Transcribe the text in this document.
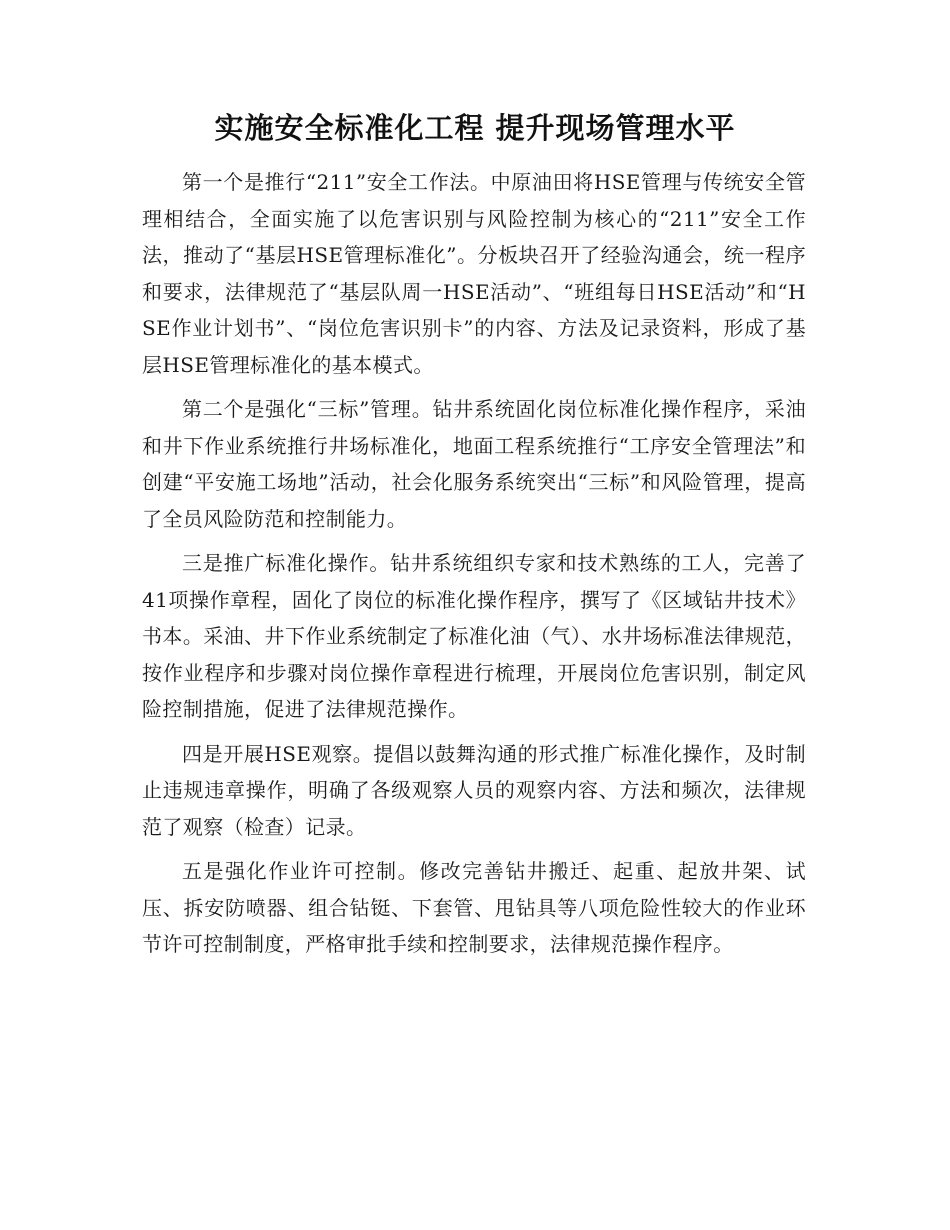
实施安全标准化工程 提升现场管理水平

第一个是推行“211”安全工作法。中原油田将HSE管理与传统安全管理相结合，全面实施了以危害识别与风险控制为核心的“211”安全工作法，推动了“基层HSE管理标准化”。分板块召开了经验沟通会，统一程序和要求，法律规范了“基层队周一HSE活动”、“班组每日HSE活动”和“HSE作业计划书”、“岗位危害识别卡”的内容、方法及记录资料，形成了基层HSE管理标准化的基本模式。

第二个是强化“三标”管理。钻井系统固化岗位标准化操作程序，采油和井下作业系统推行井场标准化，地面工程系统推行“工序安全管理法”和创建“平安施工场地”活动，社会化服务系统突出“三标”和风险管理，提高了全员风险防范和控制能力。

三是推广标准化操作。钻井系统组织专家和技术熟练的工人，完善了41项操作章程，固化了岗位的标准化操作程序，撰写了《区域钻井技术》书本。采油、井下作业系统制定了标准化油（气）、水井场标准法律规范，按作业程序和步骤对岗位操作章程进行梳理，开展岗位危害识别，制定风险控制措施，促进了法律规范操作。

四是开展HSE观察。提倡以鼓舞沟通的形式推广标准化操作，及时制止违规违章操作，明确了各级观察人员的观察内容、方法和频次，法律规范了观察（检查）记录。

五是强化作业许可控制。修改完善钻井搬迁、起重、起放井架、试压、拆安防喷器、组合钻铤、下套管、甩钻具等八项危险性较大的作业环节许可控制制度，严格审批手续和控制要求，法律规范操作程序。
